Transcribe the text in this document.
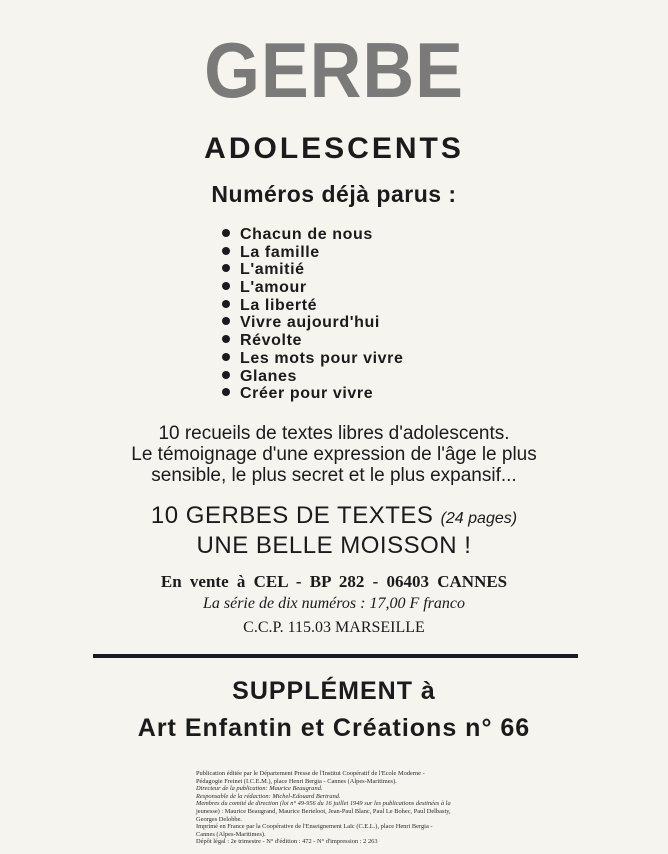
GERBE
ADOLESCENTS
Numéros déjà parus :
Chacun de nous
La famille
L'amitié
L'amour
La liberté
Vivre aujourd'hui
Révolte
Les mots pour vivre
Glanes
Créer pour vivre
10 recueils de textes libres d'adolescents.
Le témoignage d'une expression de l'âge le plus
sensible, le plus secret et le plus expansif...
10 GERBES DE TEXTES (24 pages)
UNE BELLE MOISSON !
En vente à CEL - BP 282 - 06403 CANNES
La série de dix numéros : 17,00 F franco
C.C.P. 115.03 MARSEILLE
SUPPLÉMENT à
Art Enfantin et Créations n° 66

Publication éditée par le Département Presse de l'Institut Coopératif de l'Ecole Moderne -

Pédagogie Freinet (I.C.E.M.), place Henri Bergia - Cannes (Alpes-Maritimes).

Directeur de la publication: Maurice Beaugrand.

Responsable de la rédaction: Michel-Edouard Bertrand.

Membres du comité de direction (loi n° 49-956 du 16 juillet 1949 sur les publications destinées à la

jeunesse) : Maurice Beaugrand, Maurice Berteloot, Jean-Paul Blanc, Paul Le Bohec, Paul Delbasty,

Georges Delobbe.

Imprimé en France par la Coopérative de l'Enseignement Laïc (C.E.L.), place Henri Bergia -

Cannes (Alpes-Maritimes).

Dépôt légal : 2e trimestre - N° d'édition : 472 - N° d'impression : 2 263
